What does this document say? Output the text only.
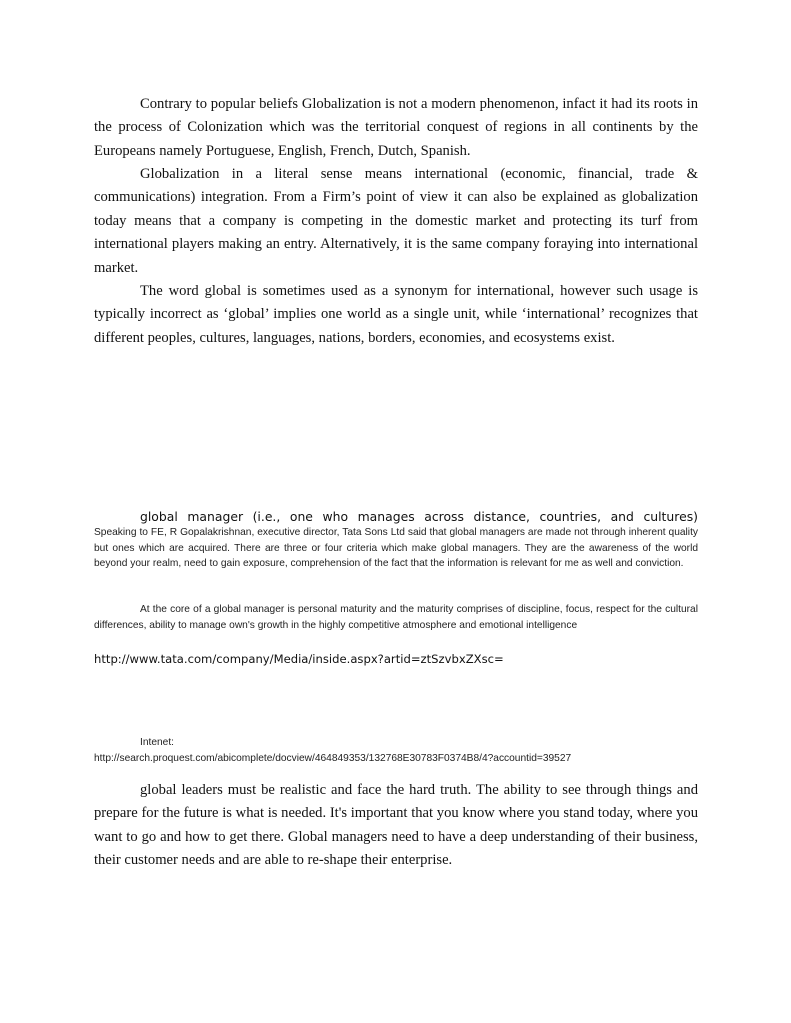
Contrary to popular beliefs Globalization is not a modern phenomenon, infact it had its roots in the process of Colonization which was the territorial conquest of regions in all continents by the Europeans namely Portuguese, English, French, Dutch, Spanish.

Globalization in a literal sense means international (economic, financial, trade & communications) integration. From a Firm’s point of view it can also be explained as globalization today means that a company is competing in the domestic market and protecting its turf from international players making an entry. Alternatively, it is the same company foraying into international market.

The word global is sometimes used as a synonym for international, however such usage is typically incorrect as ‘global’ implies one world as a single unit, while ‘international’ recognizes that different peoples, cultures, languages, nations, borders, economies, and ecosystems exist.

global manager (i.e., one who manages across distance, countries, and cultures)

Speaking to FE, R Gopalakrishnan, executive director, Tata Sons Ltd said that global managers are made not through inherent quality but ones which are acquired. There are three or four criteria which make global managers. They are the awareness of the world beyond your realm, need to gain exposure, comprehension of the fact that the information is relevant for me as well and conviction.

At the core of a global manager is personal maturity and the maturity comprises of discipline, focus, respect for the cultural differences, ability to manage own's growth in the highly competitive atmosphere and emotional intelligence

http://www.tata.com/company/Media/inside.aspx?artid=ztSzvbxZXsc=

Intenet:

http://search.proquest.com/abicomplete/docview/464849353/132768E30783F0374B8/4?accountid=39527

global leaders must be realistic and face the hard truth. The ability to see through things and prepare for the future is what is needed. It's important that you know where you stand today, where you want to go and how to get there. Global managers need to have a deep understanding of their business, their customer needs and are able to re-shape their enterprise.
